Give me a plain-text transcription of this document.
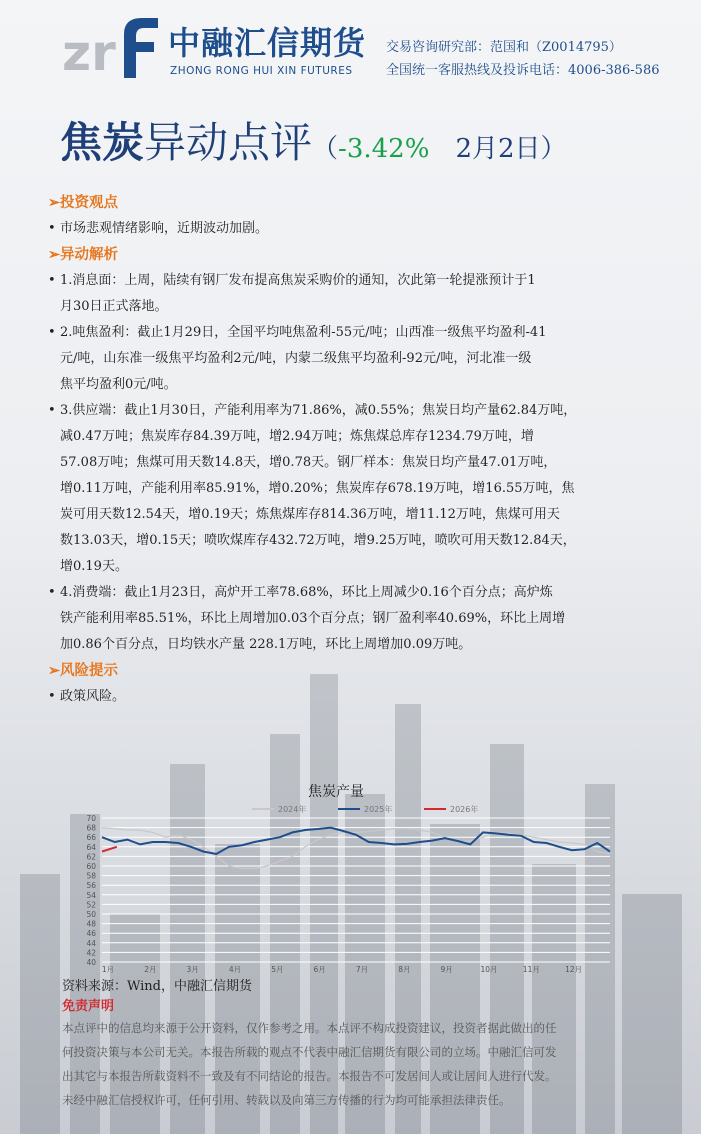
zr 中融汇信期货
ZHONG RONG HUI XIN FUTURES
交易咨询研究部：范国和（Z0014795）
全国统一客服热线及投诉电话：4006-386-586
焦炭异动点评（-3.42% 2月2日）
➢投资观点
• 市场悲观情绪影响，近期波动加剧。
➢异动解析
• 1.消息面：上周，陆续有钢厂发布提高焦炭采购价的通知，次此第一轮提涨预计于1
月30日正式落地。
• 2.吨焦盈利：截止1月29日，全国平均吨焦盈利-55元/吨；山西准一级焦平均盈利-41
元/吨，山东准一级焦平均盈利2元/吨，内蒙二级焦平均盈利-92元/吨，河北准一级
焦平均盈利0元/吨。
• 3.供应端：截止1月30日，产能利用率为71.86%，减0.55%；焦炭日均产量62.84万吨，
减0.47万吨；焦炭库存84.39万吨，增2.94万吨；炼焦煤总库存1234.79万吨，增
57.08万吨；焦煤可用天数14.8天，增0.78天。钢厂样本：焦炭日均产量47.01万吨，
增0.11万吨，产能利用率85.91%，增0.20%；焦炭库存678.19万吨，增16.55万吨，焦
炭可用天数12.54天，增0.19天；炼焦煤库存814.36万吨，增11.12万吨，焦煤可用天
数13.03天，增0.15天；喷吹煤库存432.72万吨，增9.25万吨，喷吹可用天数12.84天，
增0.19天。
• 4.消费端：截止1月23日，高炉开工率78.68%，环比上周减少0.16个百分点；高炉炼
铁产能利用率85.51%，环比上周增加0.03个百分点；钢厂盈利率40.69%，环比上周增
加0.86个百分点，日均铁水产量 228.1万吨，环比上周增加0.09万吨。
➢风险提示
• 政策风险。
焦炭产量
2024年	2025年	2026年
70
68
66
64
62
60
58
56
54
52
50
48
46
44
42
40
1月	2月	3月	4月	5月	6月	7月	8月	9月	10月	11月	12月
资料来源：Wind，中融汇信期货
免责声明
本点评中的信息均来源于公开资料，仅作参考之用。本点评不构成投资建议，投资者据此做出的任
何投资决策与本公司无关。本报告所载的观点不代表中融汇信期货有限公司的立场。中融汇信可发
出其它与本报告所载资料不一致及有不同结论的报告。本报告不可发居间人或让居间人进行代发。
未经中融汇信授权许可，任何引用、转载以及向第三方传播的行为均可能承担法律责任。
